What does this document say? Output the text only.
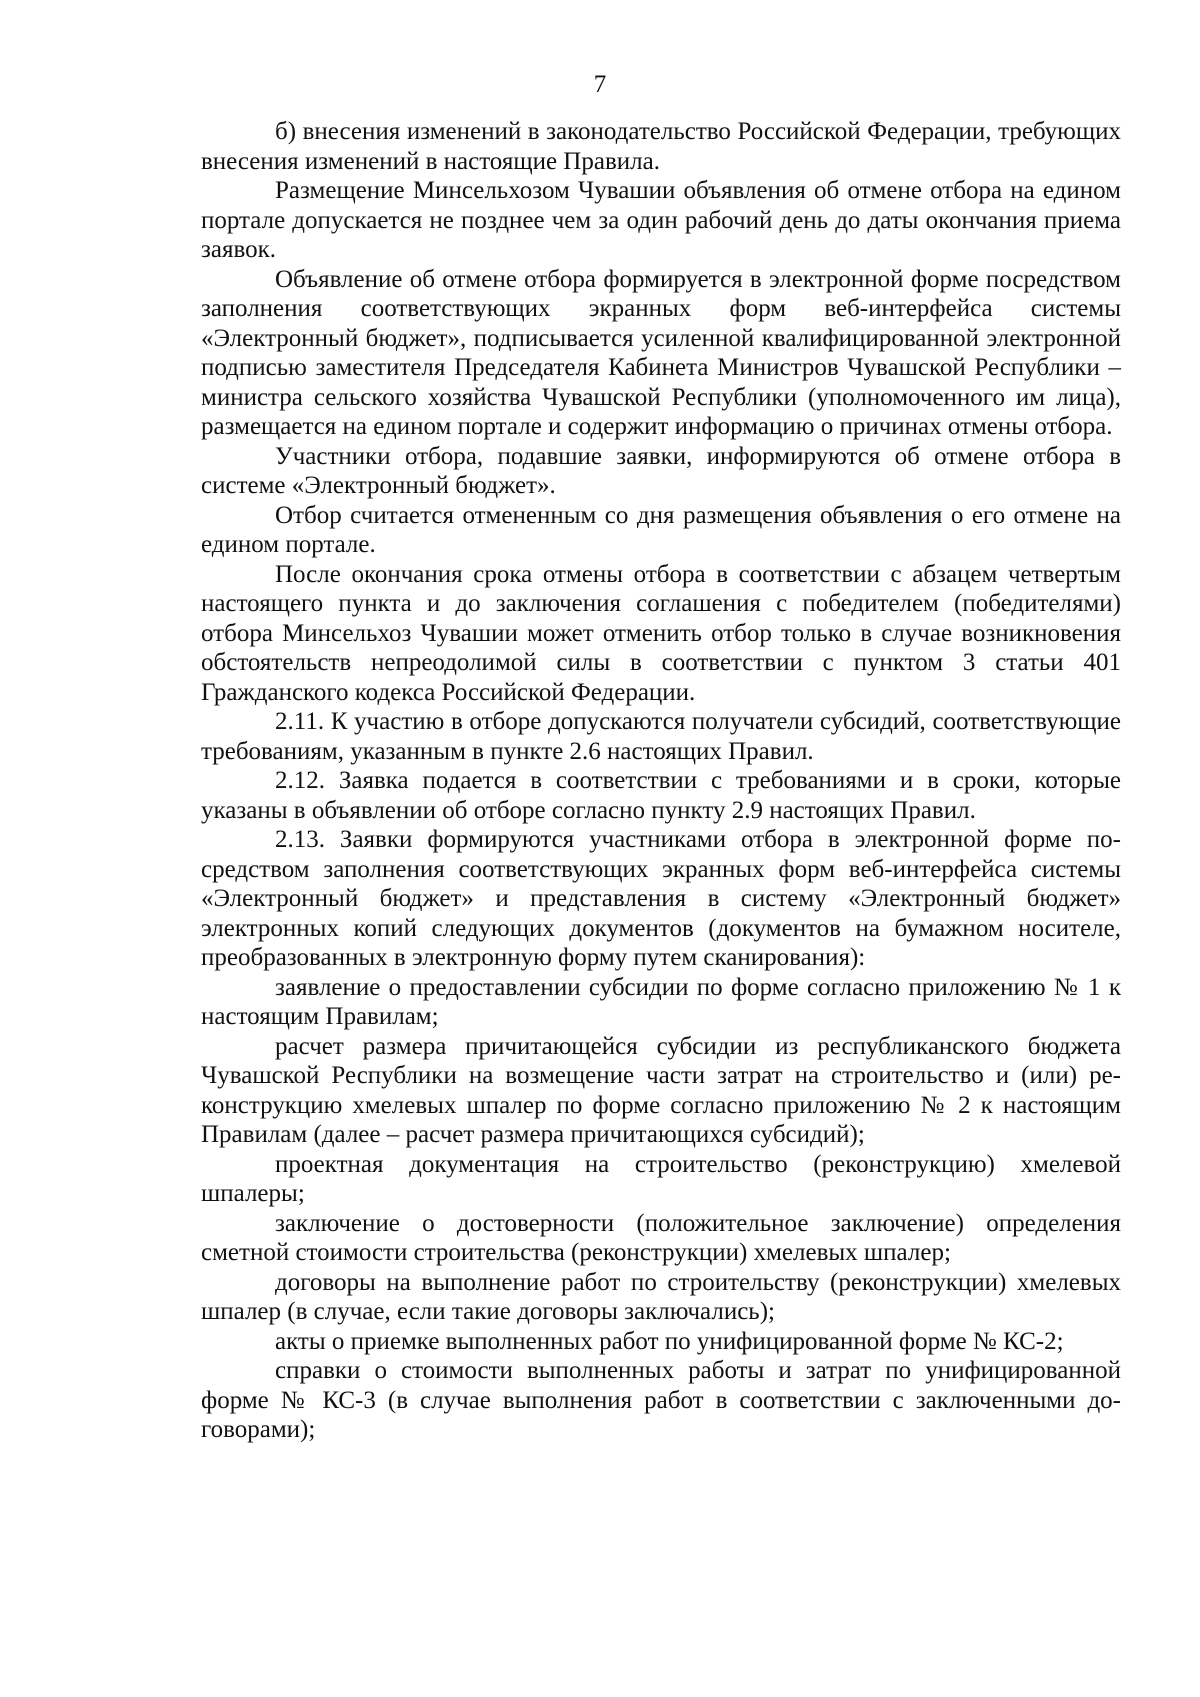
7

б) внесения изменений в законодательство Российской Федерации, требующих внесения изменений в настоящие Правила.

Размещение Минсельхозом Чувашии объявления об отмене отбора на едином портале допускается не позднее чем за один рабочий день до даты окончания приема заявок.

Объявление об отмене отбора формируется в электронной форме посредством заполнения соответствующих экранных форм веб-интерфейса системы «Электронный бюджет», подписывается усиленной квалифицированной электронной подписью заместителя Председателя Кабинета Министров Чувашской Республики – министра сельского хозяйства Чувашской Республики (уполномоченного им лица), размещается на едином портале и содержит информацию о причинах отмены отбора.

Участники отбора, подавшие заявки, информируются об отмене отбора в системе «Электронный бюджет».

Отбор считается отмененным со дня размещения объявления о его отмене на едином портале.

После окончания срока отмены отбора в соответствии с абзацем четвертым настоящего пункта и до заключения соглашения с победителем (победителями) отбора Минсельхоз Чувашии может отменить отбор только в случае возникновения обстоятельств непреодолимой силы в соответствии с пунктом 3 статьи 401 Гражданского кодекса Российской Федерации.

2.11. К участию в отборе допускаются получатели субсидий, соответствующие требованиям, указанным в пункте 2.6 настоящих Правил.

2.12. Заявка подается в соответствии с требованиями и в сроки, которые указаны в объявлении об отборе согласно пункту 2.9 настоящих Правил.

2.13. Заявки формируются участниками отбора в электронной форме посредством заполнения соответствующих экранных форм веб-интерфейса системы «Электронный бюджет» и представления в систему «Электронный бюджет» электронных копий следующих документов (документов на бумажном носителе, преобразованных в электронную форму путем сканирования):

заявление о предоставлении субсидии по форме согласно приложению № 1 к настоящим Правилам;

расчет размера причитающейся субсидии из республиканского бюджета Чувашской Республики на возмещение части затрат на строительство и (или) реконструкцию хмелевых шпалер по форме согласно приложению № 2 к настоящим Правилам (далее – расчет размера причитающихся субсидий);

проектная документация на строительство (реконструкцию) хмелевой шпалеры;

заключение о достоверности (положительное заключение) определения сметной стоимости строительства (реконструкции) хмелевых шпалер;

договоры на выполнение работ по строительству (реконструкции) хмелевых шпалер (в случае, если такие договоры заключались);

акты о приемке выполненных работ по унифицированной форме № КС-2;

справки о стоимости выполненных работы и затрат по унифицированной форме № КС-3 (в случае выполнения работ в соответствии с заключенными договорами);
